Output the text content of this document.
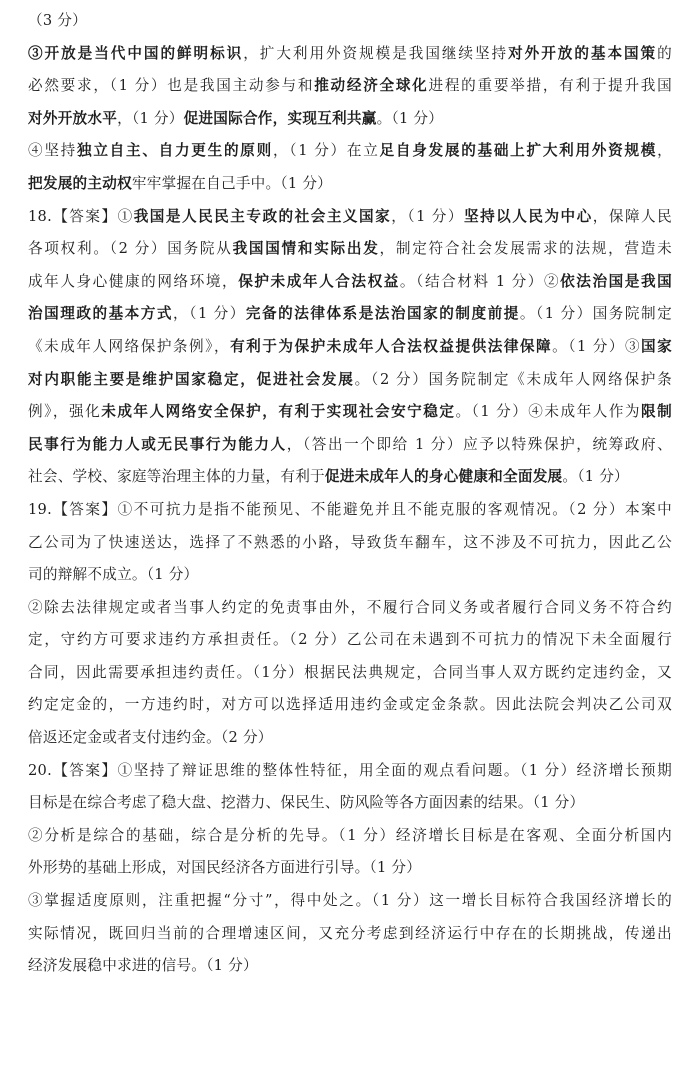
（3 分）
③开放是当代中国的鲜明标识，扩大利用外资规模是我国继续坚持对外开放的基本国策的
必然要求，（1 分）也是我国主动参与和推动经济全球化进程的重要举措，有利于提升我国
对外开放水平，（1 分）促进国际合作，实现互利共赢。（1 分）
④坚持独立自主、自力更生的原则，（1 分）在立足自身发展的基础上扩大利用外资规模，
把发展的主动权牢牢掌握在自己手中。（1 分）
18.【答案】①我国是人民民主专政的社会主义国家，（1 分）坚持以人民为中心，保障人民
各项权利。（2 分）国务院从我国国情和实际出发，制定符合社会发展需求的法规，营造未
成年人身心健康的网络环境，保护未成年人合法权益。（结合材料 1 分）②依法治国是我国
治国理政的基本方式，（1 分）完备的法律体系是法治国家的制度前提。（1 分）国务院制定
《未成年人网络保护条例》，有利于为保护未成年人合法权益提供法律保障。（1 分）③国家
对内职能主要是维护国家稳定，促进社会发展。（2 分）国务院制定《未成年人网络保护条
例》，强化未成年人网络安全保护，有利于实现社会安宁稳定。（1 分）④未成年人作为限制
民事行为能力人或无民事行为能力人，（答出一个即给 1 分）应予以特殊保护，统筹政府、
社会、学校、家庭等治理主体的力量，有利于促进未成年人的身心健康和全面发展。（1 分）
19.【答案】①不可抗力是指不能预见、不能避免并且不能克服的客观情况。（2 分）本案中
乙公司为了快速送达，选择了不熟悉的小路，导致货车翻车，这不涉及不可抗力，因此乙公
司的辩解不成立。（1 分）
②除去法律规定或者当事人约定的免责事由外，不履行合同义务或者履行合同义务不符合约
定，守约方可要求违约方承担责任。（2 分）乙公司在未遇到不可抗力的情况下未全面履行
合同，因此需要承担违约责任。（1分）根据民法典规定，合同当事人双方既约定违约金，又
约定定金的，一方违约时，对方可以选择适用违约金或定金条款。因此法院会判决乙公司双
倍返还定金或者支付违约金。（2 分）
20.【答案】①坚持了辩证思维的整体性特征，用全面的观点看问题。（1 分）经济增长预期
目标是在综合考虑了稳大盘、挖潜力、保民生、防风险等各方面因素的结果。（1 分）
②分析是综合的基础，综合是分析的先导。（1 分）经济增长目标是在客观、全面分析国内
外形势的基础上形成，对国民经济各方面进行引导。（1 分）
③掌握适度原则，注重把握“分寸”，得中处之。（1 分）这一增长目标符合我国经济增长的
实际情况，既回归当前的合理增速区间，又充分考虑到经济运行中存在的长期挑战，传递出
经济发展稳中求进的信号。（1 分）
